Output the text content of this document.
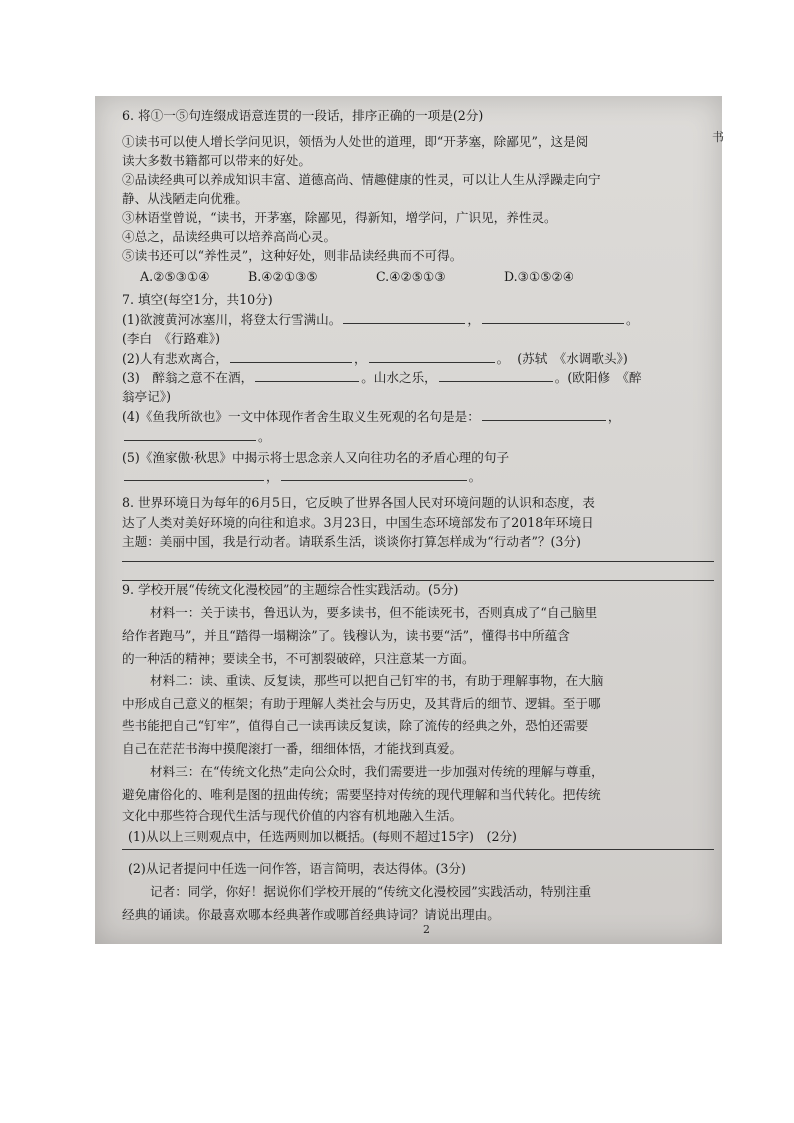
6. 将①一⑤句连缀成语意连贯的一段话，排序正确的一项是(2分)
书
①读书可以使人增长学问见识，领悟为人处世的道理，即“开茅塞，除鄙见”，这是阅
读大多数书籍都可以带来的好处。
②品读经典可以养成知识丰富、道德高尚、情趣健康的性灵，可以让人生从浮躁走向宁
静、从浅陋走向优雅。
③林语堂曾说，“读书，开茅塞，除鄙见，得新知，增学问，广识见，养性灵。
④总之，品读经典可以培养高尚心灵。
⑤读书还可以“养性灵”，这种好处，则非品读经典而不可得。
A.②⑤③①④	B.④②①③⑤	C.④②⑤①③	D.③①⑤②④
7. 填空(每空1分，共10分)
(1)欲渡黄河冰塞川，将登太行雪满山。	，	。
(李白　《行路难》)
(2)人有悲欢离合，	，	。 (苏轼　《水调歌头》)
(3)　醉翁之意不在酒，	。山水之乐，	。(欧阳修　《醉
翁亭记》)
(4)《鱼我所欲也》一文中体现作者舍生取义生死观的名句是是：	，
。
(5)《渔家傲·秋思》中揭示将士思念亲人又向往功名的矛盾心理的句子
，	。
8. 世界环境日为每年的6月5日，它反映了世界各国人民对环境问题的认识和态度，表
达了人类对美好环境的向往和追求。3月23日，中国生态环境部发布了2018年环境日
主题：美丽中国，我是行动者。请联系生活，谈谈你打算怎样成为“行动者”？(3分)
9. 学校开展“传统文化漫校园”的主题综合性实践活动。(5分)
材料一：关于读书，鲁迅认为，要多读书，但不能读死书，否则真成了“自己脑里
给作者跑马”，并且“踏得一塌糊涂”了。钱穆认为，读书要“活”，懂得书中所蕴含
的一种活的精神；要读全书，不可割裂破碎，只注意某一方面。
材料二：读、重读、反复读，那些可以把自己钉牢的书，有助于理解事物，在大脑
中形成自己意义的框架；有助于理解人类社会与历史，及其背后的细节、逻辑。至于哪
些书能把自己“钉牢”，值得自己一读再读反复读，除了流传的经典之外，恐怕还需要
自己在茫茫书海中摸爬滚打一番，细细体悟，才能找到真爱。
材料三：在“传统文化热”走向公众时，我们需要进一步加强对传统的理解与尊重，
避免庸俗化的、唯利是图的扭曲传统；需要坚持对传统的现代理解和当代转化。把传统
文化中那些符合现代生活与现代价值的内容有机地融入生活。
(1)从以上三则观点中，任选两则加以概括。(每则不超过15字)　(2分)
(2)从记者提问中任选一问作答，语言简明，表达得体。(3分)
记者：同学，你好！据说你们学校开展的“传统文化漫校园”实践活动，特别注重
经典的诵读。你最喜欢哪本经典著作或哪首经典诗词？请说出理由。
2
